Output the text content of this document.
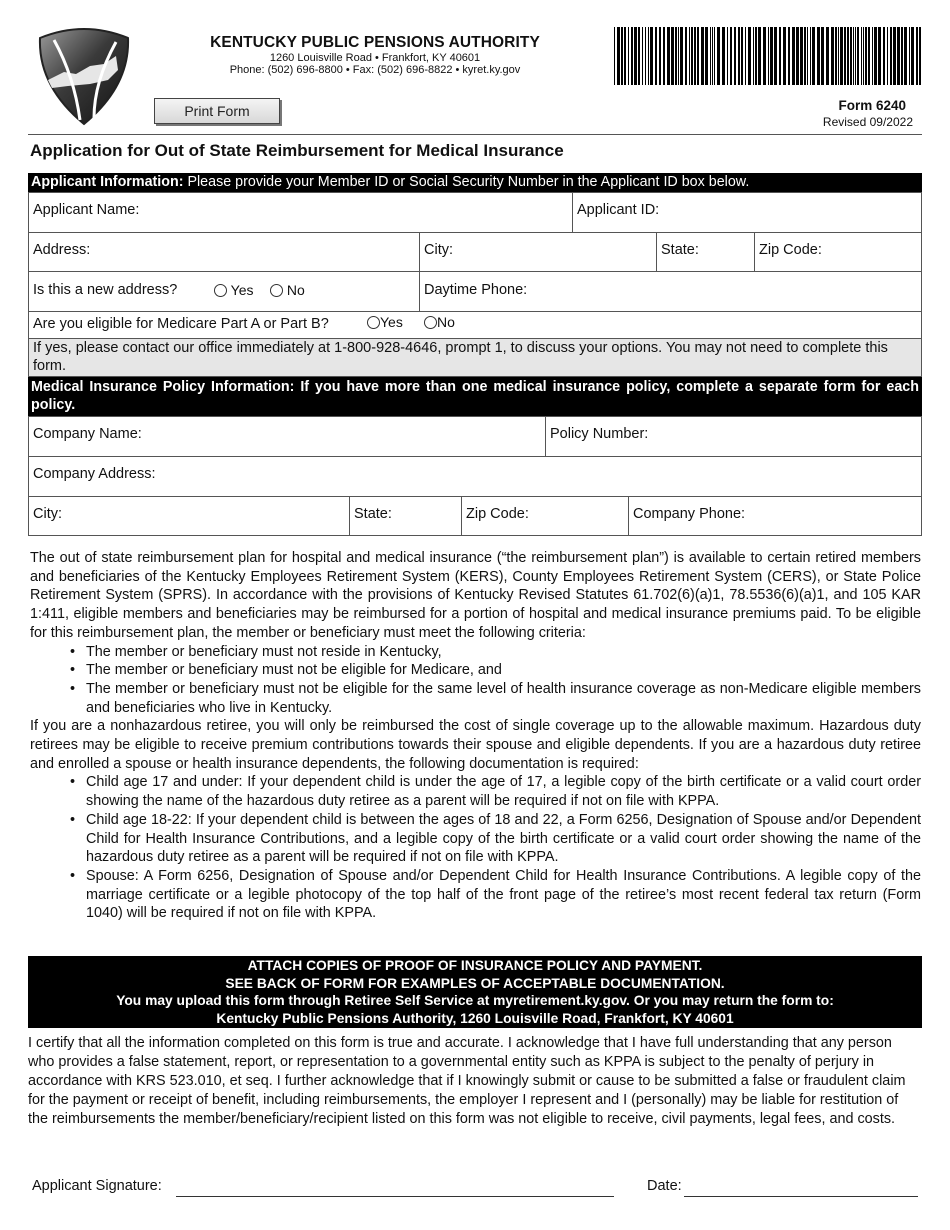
KENTUCKY PUBLIC PENSIONS AUTHORITY
1260 Louisville Road • Frankfort, KY 40601
Phone: (502) 696-8800 • Fax: (502) 696-8822 • kyret.ky.gov
Print Form	Form 6240
Revised 09/2022
Application for Out of State Reimbursement for Medical Insurance
Applicant Information: Please provide your Member ID or Social Security Number in the Applicant ID box below.
Applicant Name:	Applicant ID:
Address:	City:	State:	Zip Code:
Is this a new address?	Yes	No	Daytime Phone:
Are you eligible for Medicare Part A or Part B?	Yes	No
If yes, please contact our office immediately at 1-800-928-4646, prompt 1, to discuss your options. You may not need to complete this form.
Medical Insurance Policy Information: If you have more than one medical insurance policy, complete a separate form for each policy.
Company Name:	Policy Number:
Company Address:
City:	State:	Zip Code:	Company Phone:
The out of state reimbursement plan for hospital and medical insurance (“the reimbursement plan”) is available to certain retired members and beneficiaries of the Kentucky Employees Retirement System (KERS), County Employees Retirement System (CERS), or State Police Retirement System (SPRS). In accordance with the provisions of Kentucky Revised Statutes 61.702(6)(a)1, 78.5536(6)(a)1, and 105 KAR 1:411, eligible members and beneficiaries may be reimbursed for a portion of hospital and medical insurance premiums paid. To be eligible for this reimbursement plan, the member or beneficiary must meet the following criteria:
• The member or beneficiary must not reside in Kentucky,
• The member or beneficiary must not be eligible for Medicare, and
• The member or beneficiary must not be eligible for the same level of health insurance coverage as non-Medicare eligible members and beneficiaries who live in Kentucky.
If you are a nonhazardous retiree, you will only be reimbursed the cost of single coverage up to the allowable maximum. Hazardous duty retirees may be eligible to receive premium contributions towards their spouse and eligible dependents. If you are a hazardous duty retiree and enrolled a spouse or health insurance dependents, the following documentation is required:
• Child age 17 and under: If your dependent child is under the age of 17, a legible copy of the birth certificate or a valid court order showing the name of the hazardous duty retiree as a parent will be required if not on file with KPPA.
• Child age 18-22: If your dependent child is between the ages of 18 and 22, a Form 6256, Designation of Spouse and/or Dependent Child for Health Insurance Contributions, and a legible copy of the birth certificate or a valid court order showing the name of the hazardous duty retiree as a parent will be required if not on file with KPPA.
• Spouse: A Form 6256, Designation of Spouse and/or Dependent Child for Health Insurance Contributions. A legible copy of the marriage certificate or a legible photocopy of the top half of the front page of the retiree’s most recent federal tax return (Form 1040) will be required if not on file with KPPA.
ATTACH COPIES OF PROOF OF INSURANCE POLICY AND PAYMENT.
SEE BACK OF FORM FOR EXAMPLES OF ACCEPTABLE DOCUMENTATION.
You may upload this form through Retiree Self Service at myretirement.ky.gov. Or you may return the form to:
Kentucky Public Pensions Authority, 1260 Louisville Road, Frankfort, KY 40601
I certify that all the information completed on this form is true and accurate. I acknowledge that I have full understanding that any person who provides a false statement, report, or representation to a governmental entity such as KPPA is subject to the penalty of perjury in accordance with KRS 523.010, et seq. I further acknowledge that if I knowingly submit or cause to be submitted a false or fraudulent claim for the payment or receipt of benefit, including reimbursements, the employer I represent and I (personally) may be liable for restitution of the reimbursements the member/beneficiary/recipient listed on this form was not eligible to receive, civil payments, legal fees, and costs.
Applicant Signature:	Date:
